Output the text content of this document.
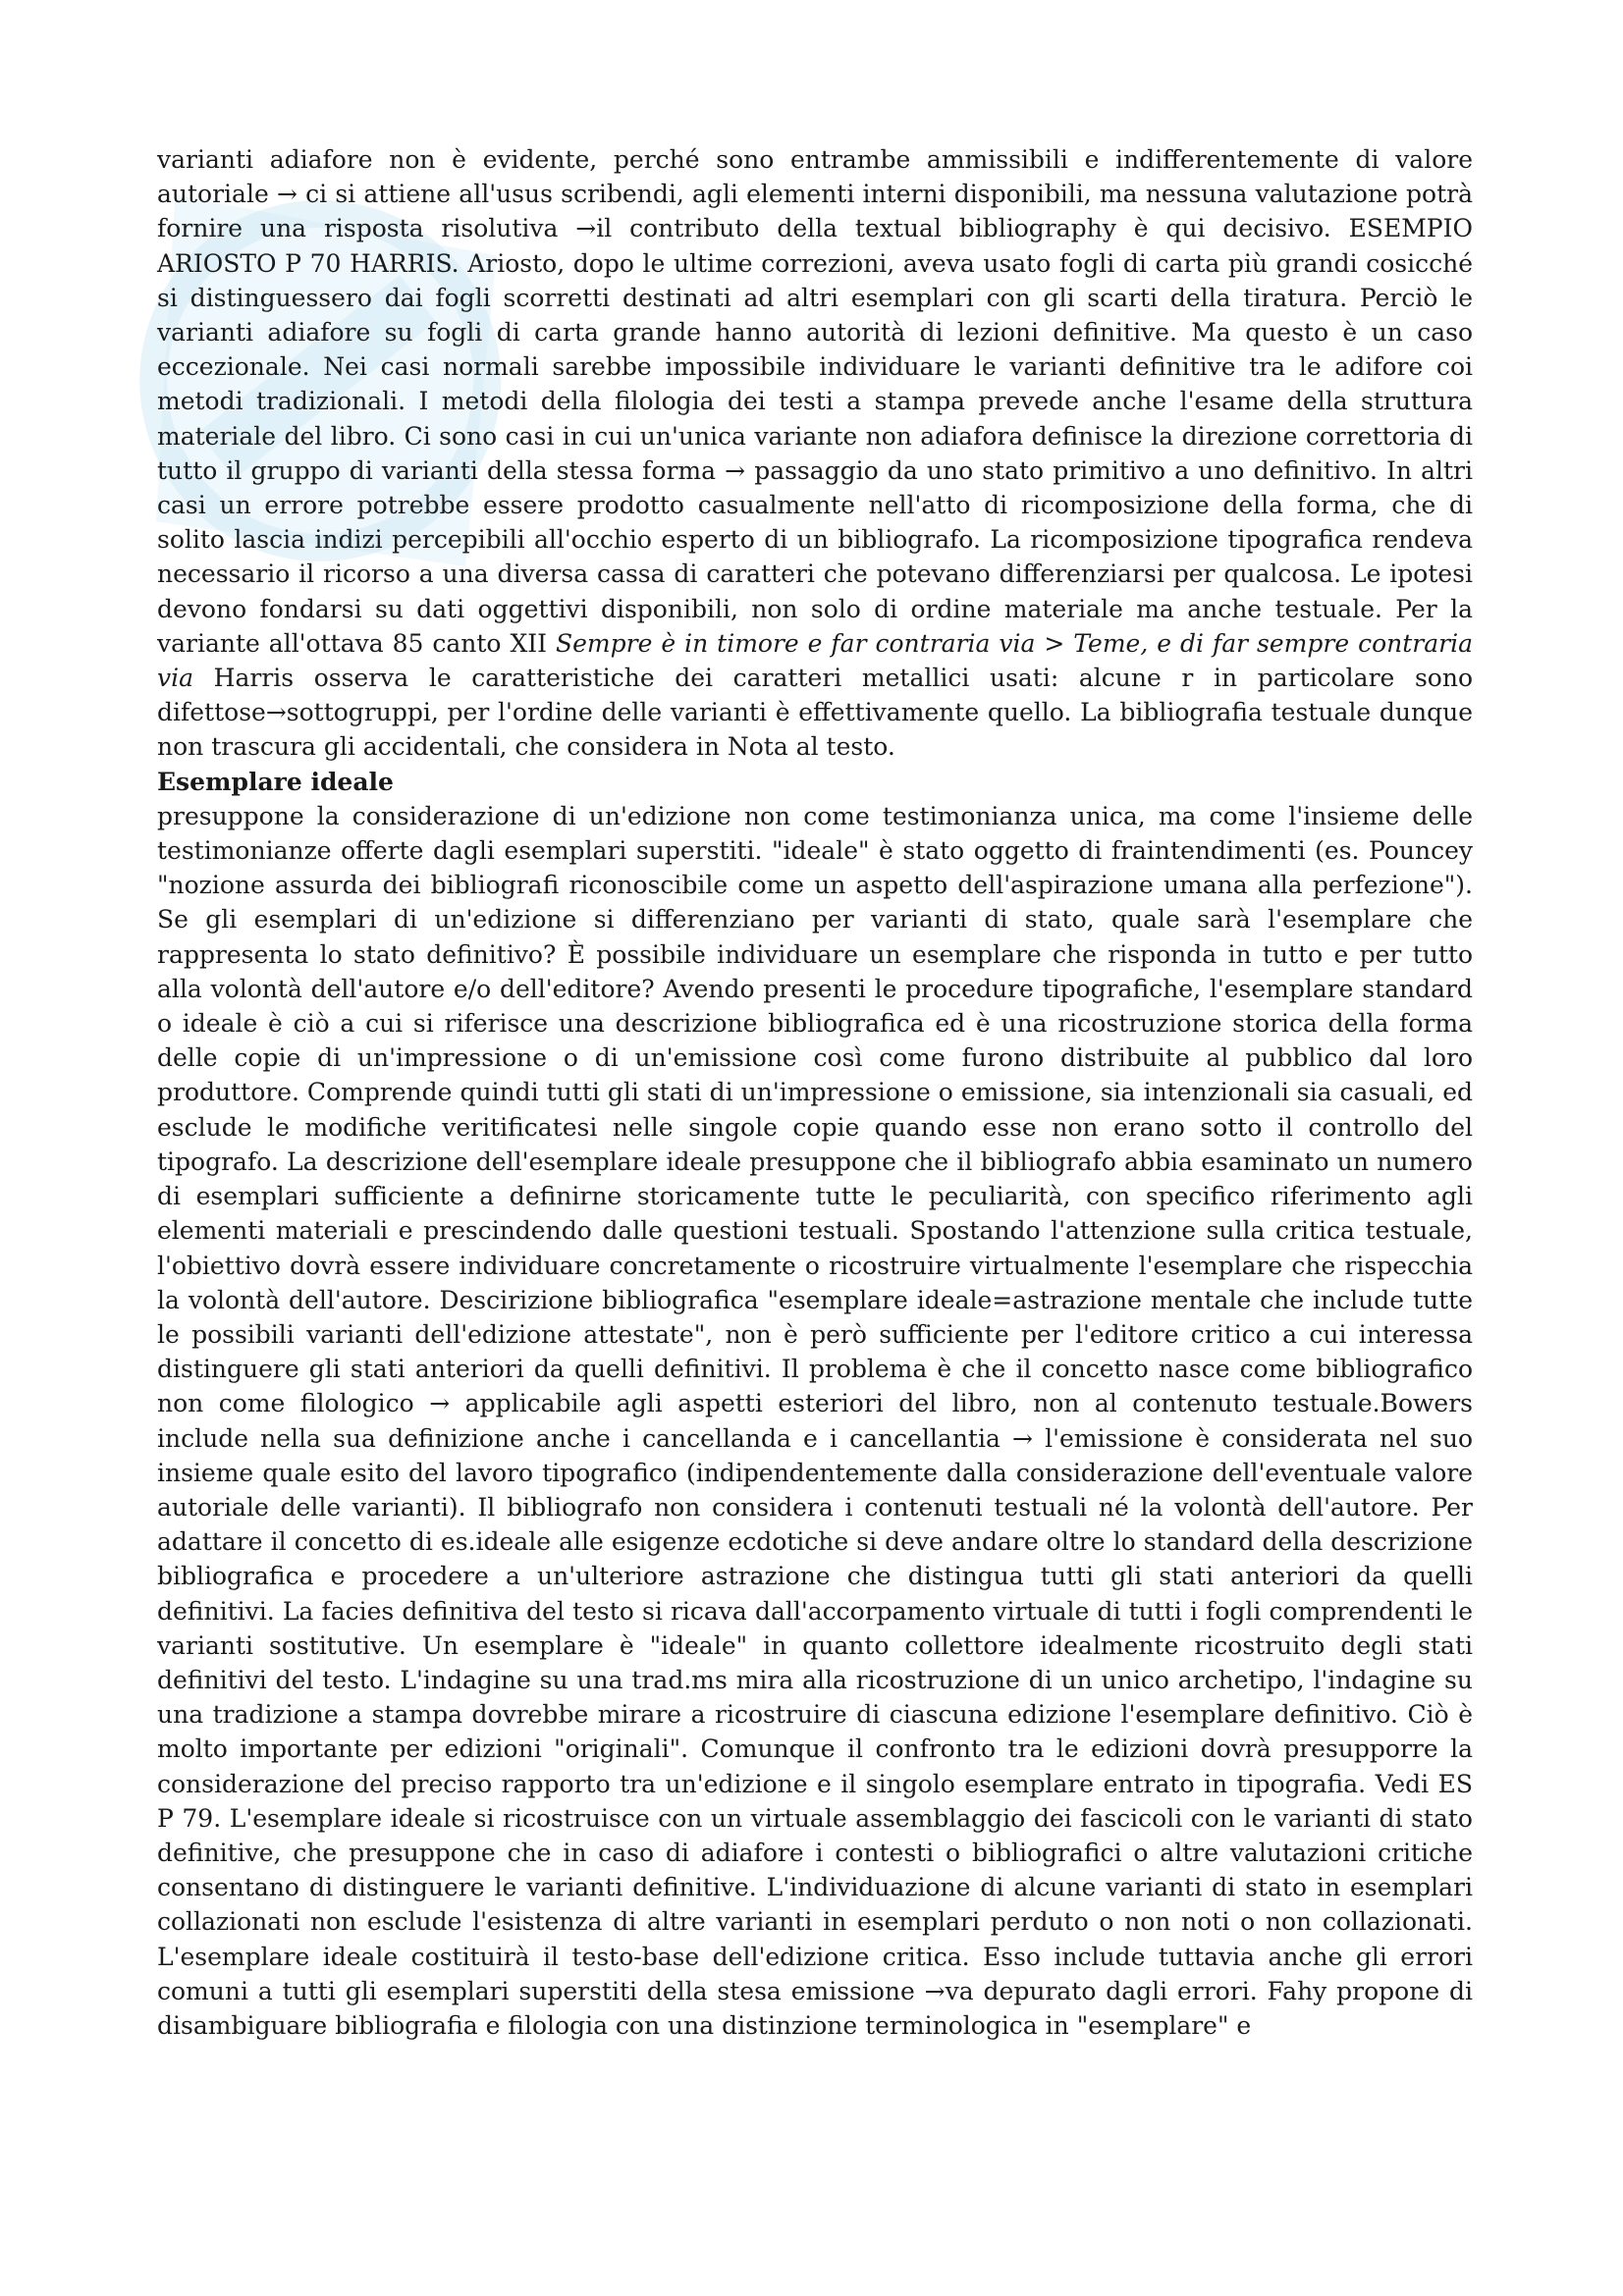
varianti adiafore non è evidente, perché sono entrambe ammissibili e indifferentemente di valore autoriale → ci si attiene all'usus scribendi, agli elementi interni disponibili, ma nessuna valutazione potrà fornire una risposta risolutiva →il contributo della textual bibliography è qui decisivo. ESEMPIO ARIOSTO P 70 HARRIS. Ariosto, dopo le ultime correzioni, aveva usato fogli di carta più grandi cosicché si distinguessero dai fogli scorretti destinati ad altri esemplari con gli scarti della tiratura. Perciò le varianti adiafore su fogli di carta grande hanno autorità di lezioni definitive. Ma questo è un caso eccezionale. Nei casi normali sarebbe impossibile individuare le varianti definitive tra le adifore coi metodi tradizionali. I metodi della filologia dei testi a stampa prevede anche l'esame della struttura materiale del libro. Ci sono casi in cui un'unica variante non adiafora definisce la direzione correttoria di tutto il gruppo di varianti della stessa forma → passaggio da uno stato primitivo a uno definitivo. In altri casi un errore potrebbe essere prodotto casualmente nell'atto di ricomposizione della forma, che di solito lascia indizi percepibili all'occhio esperto di un bibliografo. La ricomposizione tipografica rendeva necessario il ricorso a una diversa cassa di caratteri che potevano differenziarsi per qualcosa. Le ipotesi devono fondarsi su dati oggettivi disponibili, non solo di ordine materiale ma anche testuale. Per la variante all'ottava 85 canto XII Sempre è in timore e far contraria via > Teme, e di far sempre contraria via Harris osserva le caratteristiche dei caratteri metallici usati: alcune r in particolare sono difettose→sottogruppi, per l'ordine delle varianti è effettivamente quello. La bibliografia testuale dunque non trascura gli accidentali, che considera in Nota al testo.

Esemplare ideale

presuppone la considerazione di un'edizione non come testimonianza unica, ma come l'insieme delle testimonianze offerte dagli esemplari superstiti. "ideale" è stato oggetto di fraintendimenti (es. Pouncey "nozione assurda dei bibliografi riconoscibile come un aspetto dell'aspirazione umana alla perfezione"). Se gli esemplari di un'edizione si differenziano per varianti di stato, quale sarà l'esemplare che rappresenta lo stato definitivo? È possibile individuare un esemplare che risponda in tutto e per tutto alla volontà dell'autore e/o dell'editore? Avendo presenti le procedure tipografiche, l'esemplare standard o ideale è ciò a cui si riferisce una descrizione bibliografica ed è una ricostruzione storica della forma delle copie di un'impressione o di un'emissione così come furono distribuite al pubblico dal loro produttore. Comprende quindi tutti gli stati di un'impressione o emissione, sia intenzionali sia casuali, ed esclude le modifiche veritificatesi nelle singole copie quando esse non erano sotto il controllo del tipografo. La descrizione dell'esemplare ideale presuppone che il bibliografo abbia esaminato un numero di esemplari sufficiente a definirne storicamente tutte le peculiarità, con specifico riferimento agli elementi materiali e prescindendo dalle questioni testuali. Spostando l'attenzione sulla critica testuale, l'obiettivo dovrà essere individuare concretamente o ricostruire virtualmente l'esemplare che rispecchia la volontà dell'autore. Descirizione bibliografica "esemplare ideale=astrazione mentale che include tutte le possibili varianti dell'edizione attestate", non è però sufficiente per l'editore critico a cui interessa distinguere gli stati anteriori da quelli definitivi. Il problema è che il concetto nasce come bibliografico non come filologico → applicabile agli aspetti esteriori del libro, non al contenuto testuale.Bowers include nella sua definizione anche i cancellanda e i cancellantia → l'emissione è considerata nel suo insieme quale esito del lavoro tipografico (indipendentemente dalla considerazione dell'eventuale valore autoriale delle varianti). Il bibliografo non considera i contenuti testuali né la volontà dell'autore. Per adattare il concetto di es.ideale alle esigenze ecdotiche si deve andare oltre lo standard della descrizione bibliografica e procedere a un'ulteriore astrazione che distingua tutti gli stati anteriori da quelli definitivi. La facies definitiva del testo si ricava dall'accorpamento virtuale di tutti i fogli comprendenti le varianti sostitutive. Un esemplare è "ideale" in quanto collettore idealmente ricostruito degli stati definitivi del testo. L'indagine su una trad.ms mira alla ricostruzione di un unico archetipo, l'indagine su una tradizione a stampa dovrebbe mirare a ricostruire di ciascuna edizione l'esemplare definitivo. Ciò è molto importante per edizioni "originali". Comunque il confronto tra le edizioni dovrà presupporre la considerazione del preciso rapporto tra un'edizione e il singolo esemplare entrato in tipografia. Vedi ES P 79. L'esemplare ideale si ricostruisce con un virtuale assemblaggio dei fascicoli con le varianti di stato definitive, che presuppone che in caso di adiafore i contesti o bibliografici o altre valutazioni critiche consentano di distinguere le varianti definitive. L'individuazione di alcune varianti di stato in esemplari collazionati non esclude l'esistenza di altre varianti in esemplari perduto o non noti o non collazionati. L'esemplare ideale costituirà il testo-base dell'edizione critica. Esso include tuttavia anche gli errori comuni a tutti gli esemplari superstiti della stesa emissione →va depurato dagli errori. Fahy propone di disambiguare bibliografia e filologia con una distinzione terminologica in "esemplare" e
